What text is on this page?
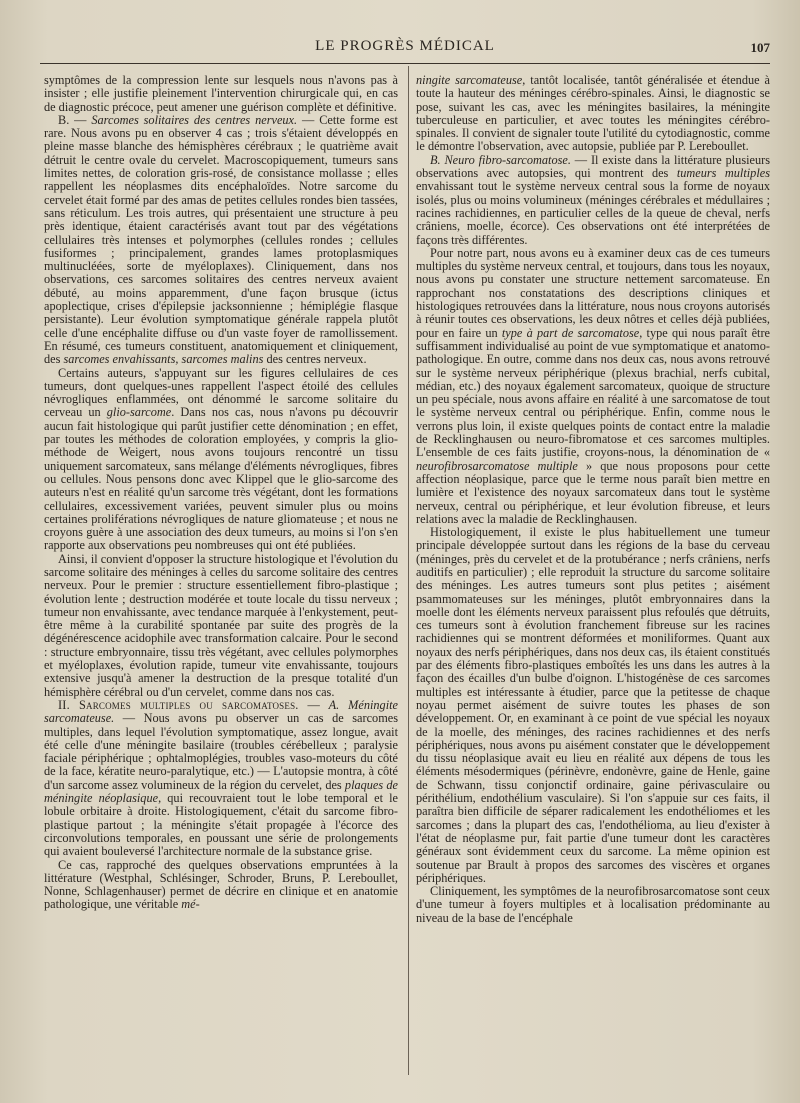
LE PROGRÈS MÉDICAL	107

symptômes de la compression lente sur lesquels nous n'avons pas à insister ; elle justifie pleinement l'intervention chirurgicale qui, en cas de diagnostic précoce, peut amener une guérison complète et définitive.

B. — Sarcomes solitaires des centres nerveux. — Cette forme est rare. Nous avons pu en observer 4 cas ; trois s'étaient développés en pleine masse blanche des hémisphères cérébraux ; le quatrième avait détruit le centre ovale du cervelet. Macroscopiquement, tumeurs sans limites nettes, de coloration gris-rosé, de consistance mollasse ; elles rappellent les néoplasmes dits encéphaloïdes. Notre sarcome du cervelet était formé par des amas de petites cellules rondes bien tassées, sans réticulum. Les trois autres, qui présentaient une structure à peu près identique, étaient caractérisés avant tout par des végétations cellulaires très intenses et polymorphes (cellules rondes ; cellules fusiformes ; principalement, grandes lames protoplasmiques multinucléées, sorte de myéloplaxes). Cliniquement, dans nos observations, ces sarcomes solitaires des centres nerveux avaient débuté, au moins apparemment, d'une façon brusque (ictus apoplectique, crises d'épilepsie jacksonnienne ; hémiplégie flasque persistante). Leur évolution symptomatique générale rappela plutôt celle d'une encéphalite diffuse ou d'un vaste foyer de ramollissement. En résumé, ces tumeurs constituent, anatomiquement et cliniquement, des sarcomes envahissants, sarcomes malins des centres nerveux.

Certains auteurs, s'appuyant sur les figures cellulaires de ces tumeurs, dont quelques-unes rappellent l'aspect étoilé des cellules névrogliques enflammées, ont dénommé le sarcome solitaire du cerveau un glio-sarcome. Dans nos cas, nous n'avons pu découvrir aucun fait histologique qui parût justifier cette dénomination ; en effet, par toutes les méthodes de coloration employées, y compris la glio-méthode de Weigert, nous avons toujours rencontré un tissu uniquement sarcomateux, sans mélange d'éléments névrogliques, fibres ou cellules. Nous pensons donc avec Klippel que le glio-sarcome des auteurs n'est en réalité qu'un sarcome très végétant, dont les formations cellulaires, excessivement variées, peuvent simuler plus ou moins certaines proliférations névrogliques de nature gliomateuse ; et nous ne croyons guère à une association des deux tumeurs, au moins si l'on s'en rapporte aux observations peu nombreuses qui ont été publiées.

Ainsi, il convient d'opposer la structure histologique et l'évolution du sarcome solitaire des méninges à celles du sarcome solitaire des centres nerveux. Pour le premier : structure essentiellement fibro-plastique ; évolution lente ; destruction modérée et toute locale du tissu nerveux ; tumeur non envahissante, avec tendance marquée à l'enkystement, peut-être même à la curabilité spontanée par suite des progrès de la dégénérescence acidophile avec transformation calcaire. Pour le second : structure embryonnaire, tissu très végétant, avec cellules polymorphes et myéloplaxes, évolution rapide, tumeur vite envahissante, toujours extensive jusqu'à amener la destruction de la presque totalité d'un hémisphère cérébral ou d'un cervelet, comme dans nos cas.

II. Sarcomes multiples ou sarcomatoses. — A. Méningite sarcomateuse. — Nous avons pu observer un cas de sarcomes multiples, dans lequel l'évolution symptomatique, assez longue, avait été celle d'une méningite basilaire (troubles cérébelleux ; paralysie faciale périphérique ; ophtalmoplégies, troubles vaso-moteurs du côté de la face, kératite neuro-paralytique, etc.) — L'autopsie montra, à côté d'un sarcome assez volumineux de la région du cervelet, des plaques de méningite néoplasique, qui recouvraient tout le lobe temporal et le lobule orbitaire à droite. Histologiquement, c'était du sarcome fibro-plastique partout ; la méningite s'était propagée à l'écorce des circonvolutions temporales, en poussant une série de prolongements qui avaient bouleversé l'architecture normale de la substance grise.

Ce cas, rapproché des quelques observations empruntées à la littérature (Westphal, Schlésinger, Schroder, Bruns, P. Lereboullet, Nonne, Schlagenhauser) permet de décrire en clinique et en anatomie pathologique, une véritable mé-

ningite sarcomateuse, tantôt localisée, tantôt généralisée et étendue à toute la hauteur des méninges cérébro-spinales. Ainsi, le diagnostic se pose, suivant les cas, avec les méningites basilaires, la méningite tuberculeuse en particulier, et avec toutes les méningites cérébro-spinales. Il convient de signaler toute l'utilité du cytodiagnostic, comme le démontre l'observation, avec autopsie, publiée par P. Lereboullet.

B. Neuro fibro-sarcomatose. — Il existe dans la littérature plusieurs observations avec autopsies, qui montrent des tumeurs multiples envahissant tout le système nerveux central sous la forme de noyaux isolés, plus ou moins volumineux (méninges cérébrales et médullaires ; racines rachidiennes, en particulier celles de la queue de cheval, nerfs crâniens, moelle, écorce). Ces observations ont été interprétées de façons très différentes.

Pour notre part, nous avons eu à examiner deux cas de ces tumeurs multiples du système nerveux central, et toujours, dans tous les noyaux, nous avons pu constater une structure nettement sarcomateuse. En rapprochant nos constatations des descriptions cliniques et histologiques retrouvées dans la littérature, nous nous croyons autorisés à réunir toutes ces observations, les deux nôtres et celles déjà publiées, pour en faire un type à part de sarcomatose, type qui nous paraît être suffisamment individualisé au point de vue symptomatique et anatomo-pathologique. En outre, comme dans nos deux cas, nous avons retrouvé sur le système nerveux périphérique (plexus brachial, nerfs cubital, médian, etc.) des noyaux également sarcomateux, quoique de structure un peu spéciale, nous avons affaire en réalité à une sarcomatose de tout le système nerveux central ou périphérique. Enfin, comme nous le verrons plus loin, il existe quelques points de contact entre la maladie de Recklinghausen ou neuro-fibromatose et ces sarcomes multiples. L'ensemble de ces faits justifie, croyons-nous, la dénomination de « neurofibrosarcomatose multiple » que nous proposons pour cette affection néoplasique, parce que le terme nous paraît bien mettre en lumière et l'existence des noyaux sarcomateux dans tout le système nerveux, central ou périphérique, et leur évolution fibreuse, et leurs relations avec la maladie de Recklinghausen.

Histologiquement, il existe le plus habituellement une tumeur principale développée surtout dans les régions de la base du cerveau (méninges, près du cervelet et de la protubérance ; nerfs crâniens, nerfs auditifs en particulier) ; elle reproduit la structure du sarcome solitaire des méninges. Les autres tumeurs sont plus petites ; aisément psammomateuses sur les méninges, plutôt embryonnaires dans la moelle dont les éléments nerveux paraissent plus refoulés que détruits, ces tumeurs sont à évolution franchement fibreuse sur les racines rachidiennes qui se montrent déformées et moniliformes. Quant aux noyaux des nerfs périphériques, dans nos deux cas, ils étaient constitués par des éléments fibro-plastiques emboîtés les uns dans les autres à la façon des écailles d'un bulbe d'oignon. L'histogénèse de ces sarcomes multiples est intéressante à étudier, parce que la petitesse de chaque noyau permet aisément de suivre toutes les phases de son développement. Or, en examinant à ce point de vue spécial les noyaux de la moelle, des méninges, des racines rachidiennes et des nerfs périphériques, nous avons pu aisément constater que le développement du tissu néoplasique avait eu lieu en réalité aux dépens de tous les éléments mésodermiques (périnèvre, endonèvre, gaine de Henle, gaine de Schwann, tissu conjonctif ordinaire, gaine périvasculaire ou périthélium, endothélium vasculaire). Si l'on s'appuie sur ces faits, il paraîtra bien difficile de séparer radicalement les endothéliomes et les sarcomes ; dans la plupart des cas, l'endothélioma, au lieu d'exister à l'état de néoplasme pur, fait partie d'une tumeur dont les caractères généraux sont évidemment ceux du sarcome. La même opinion est soutenue par Brault à propos des sarcomes des viscères et organes périphériques.

Cliniquement, les symptômes de la neurofibrosarcomatose sont ceux d'une tumeur à foyers multiples et à localisation prédominante au niveau de la base de l'encéphale
